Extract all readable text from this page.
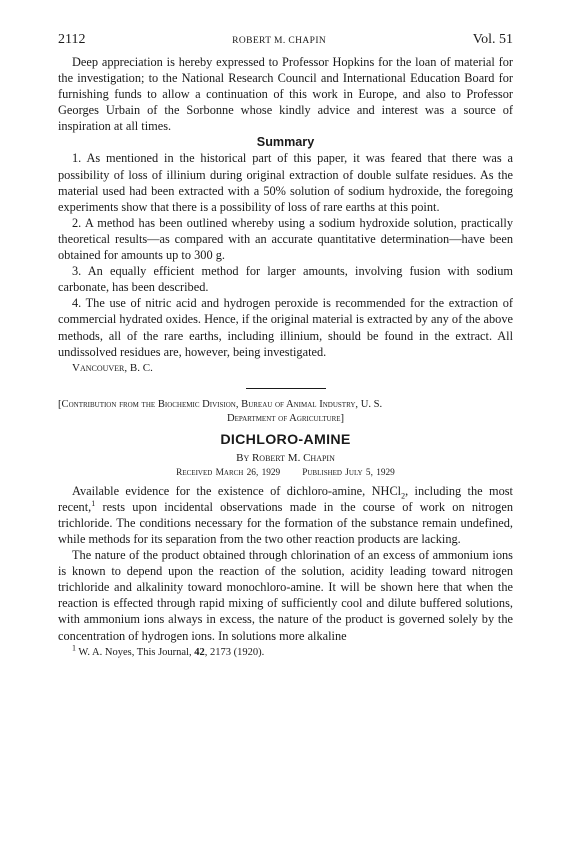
2112	ROBERT M. CHAPIN	Vol. 51

Deep appreciation is hereby expressed to Professor Hopkins for the loan of material for the investigation; to the National Research Council and International Education Board for furnishing funds to allow a continuation of this work in Europe, and also to Professor Georges Urbain of the Sorbonne whose kindly advice and interest was a source of inspiration at all times.

Summary

1. As mentioned in the historical part of this paper, it was feared that there was a possibility of loss of illinium during original extraction of double sulfate residues. As the material used had been extracted with a 50% solution of sodium hydroxide, the foregoing experiments show that there is a possibility of loss of rare earths at this point.

2. A method has been outlined whereby using a sodium hydroxide solution, practically theoretical results—as compared with an accurate quantitative determination—have been obtained for amounts up to 300 g.

3. An equally efficient method for larger amounts, involving fusion with sodium carbonate, has been described.

4. The use of nitric acid and hydrogen peroxide is recommended for the extraction of commercial hydrated oxides. Hence, if the original material is extracted by any of the above methods, all of the rare earths, including illinium, should be found in the extract. All undissolved residues are, however, being investigated.

Vancouver, B. C.

[Contribution from the Biochemic Division, Bureau of Animal Industry, U. S.
Department of Agriculture]

DICHLORO-AMINE

By Robert M. Chapin

Received March 26, 1929 Published July 5, 1929

Available evidence for the existence of dichloro-amine, NHCl$_2$, including the most recent,$^1$ rests upon incidental observations made in the course of work on nitrogen trichloride. The conditions necessary for the formation of the substance remain undefined, while methods for its separation from the two other reaction products are lacking.

The nature of the product obtained through chlorination of an excess of ammonium ions is known to depend upon the reaction of the solution, acidity leading toward nitrogen trichloride and alkalinity toward monochloro-amine. It will be shown here that when the reaction is effected through rapid mixing of sufficiently cool and dilute buffered solutions, with ammonium ions always in excess, the nature of the product is governed solely by the concentration of hydrogen ions. In solutions more alkaline

$^1$ W. A. Noyes, This Journal, 42, 2173 (1920).
